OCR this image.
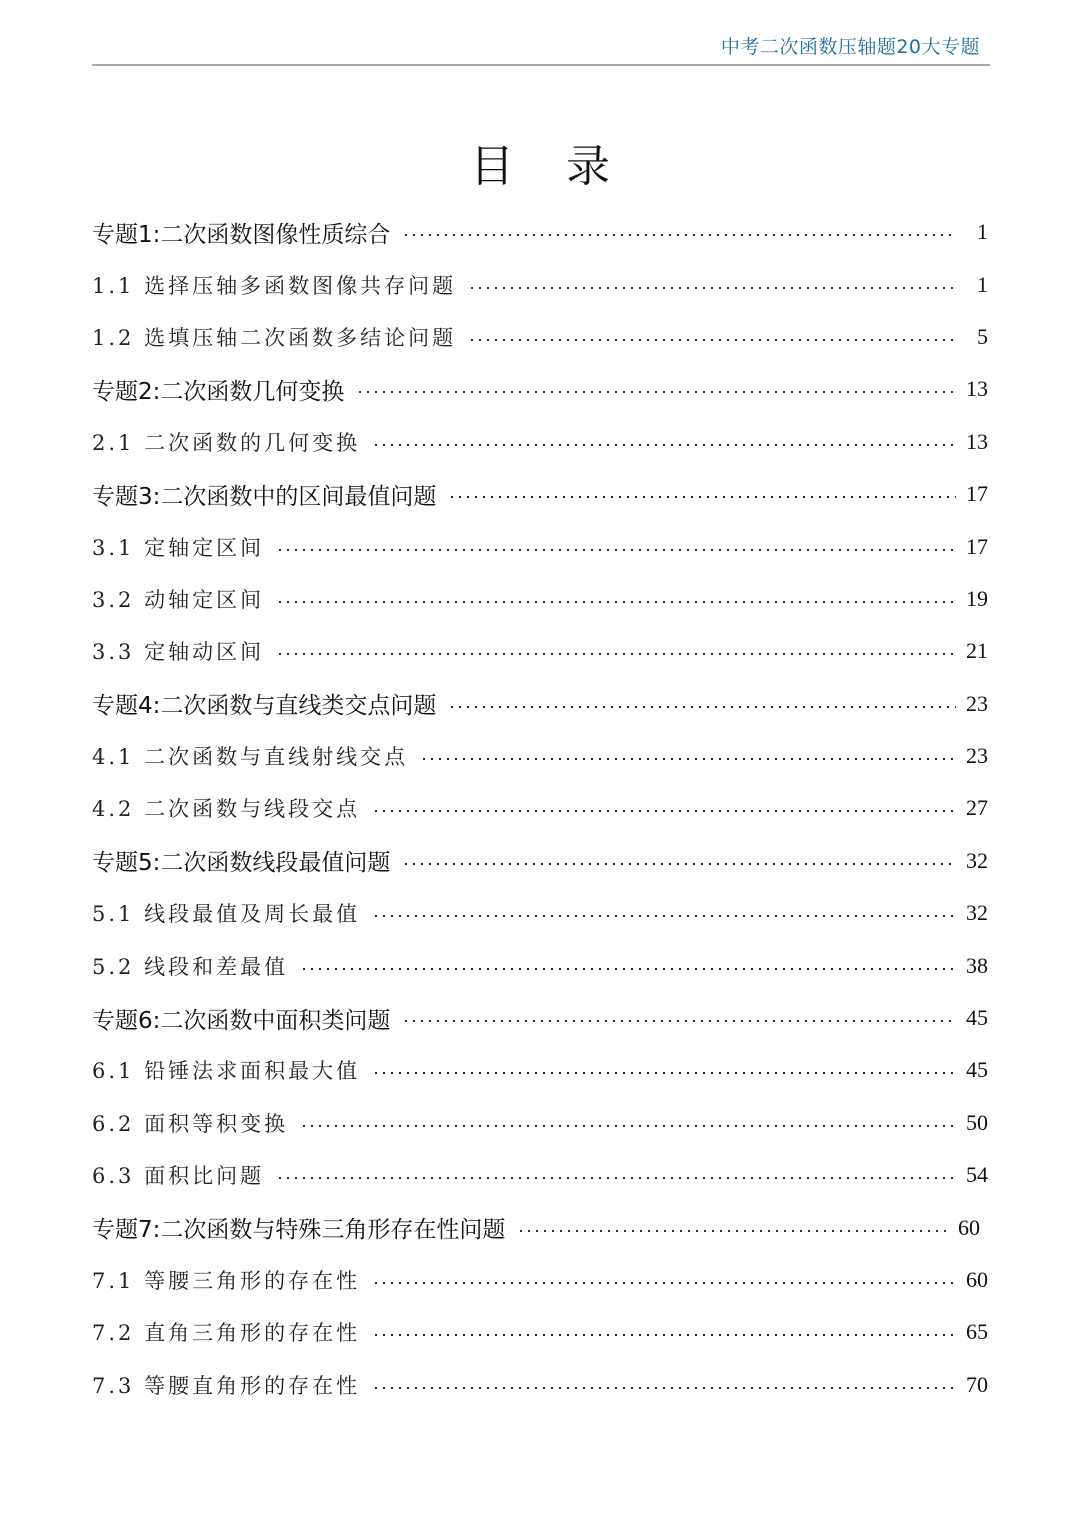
中考二次函数压轴题20大专题
目录
专题1:二次函数图像性质综合	1
1.1 选择压轴多函数图像共存问题	1
1.2 选填压轴二次函数多结论问题	5
专题2:二次函数几何变换	13
2.1 二次函数的几何变换	13
专题3:二次函数中的区间最值问题	17
3.1 定轴定区间	17
3.2 动轴定区间	19
3.3 定轴动区间	21
专题4:二次函数与直线类交点问题	23
4.1 二次函数与直线射线交点	23
4.2 二次函数与线段交点	27
专题5:二次函数线段最值问题	32
5.1 线段最值及周长最值	32
5.2 线段和差最值	38
专题6:二次函数中面积类问题	45
6.1 铅锤法求面积最大值	45
6.2 面积等积变换	50
6.3 面积比问题	54
专题7:二次函数与特殊三角形存在性问题	60
7.1 等腰三角形的存在性	60
7.2 直角三角形的存在性	65
7.3 等腰直角形的存在性	70
